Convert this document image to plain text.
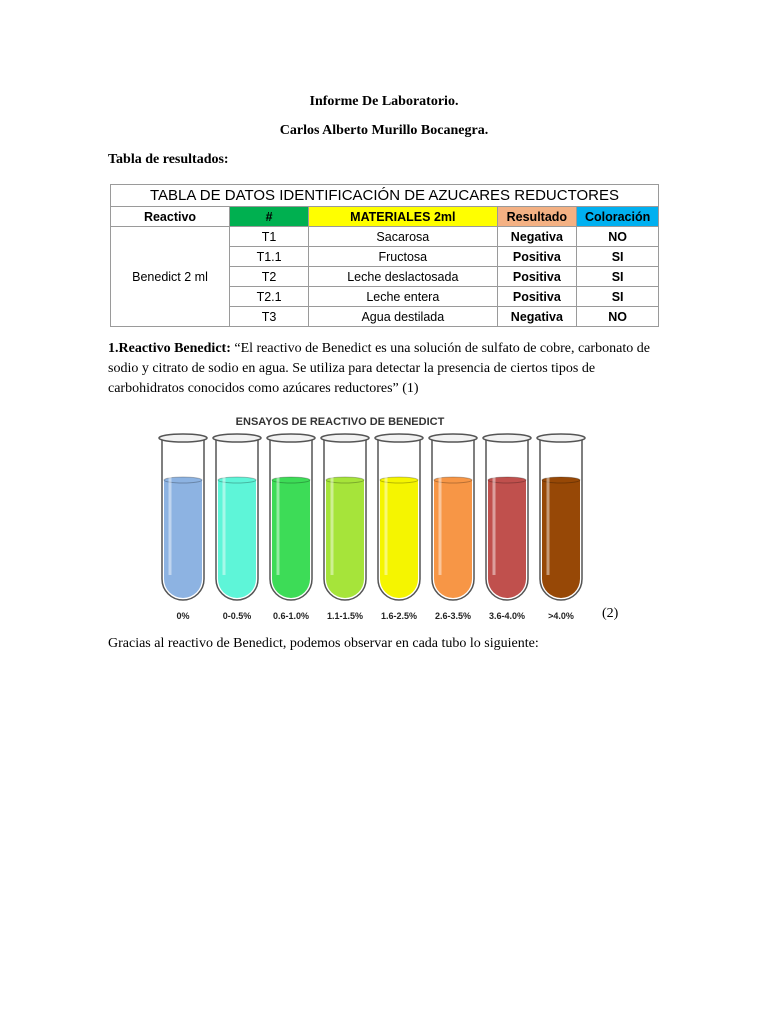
Informe De Laboratorio.
Carlos Alberto Murillo Bocanegra.
Tabla de resultados:
TABLA DE DATOS IDENTIFICACIÓN DE AZUCARES REDUCTORES				
Reactivo	#	MATERIALES 2ml	Resultado	Coloración
Benedict 2 ml	T1	Sacarosa	Negativa	NO
	T1.1	Fructosa	Positiva	SI
	T2	Leche deslactosada	Positiva	SI
	T2.1	Leche entera	Positiva	SI
	T3	Agua destilada	Negativa	NO
1.Reactivo Benedict: “El reactivo de Benedict es una solución de sulfato de cobre, carbonato de sodio y citrato de sodio en agua. Se utiliza para detectar la presencia de ciertos tipos de carbohidratos conocidos como azúcares reductores” (1)
ENSAYOS DE REACTIVO DE BENEDICT
0%	0-0.5% 0.6-1.0% 1.1-1.5% 1.6-2.5% 2.6-3.5% 3.6-4.0%	>4.0% (2)
Gracias al reactivo de Benedict, podemos observar en cada tubo lo siguiente:
